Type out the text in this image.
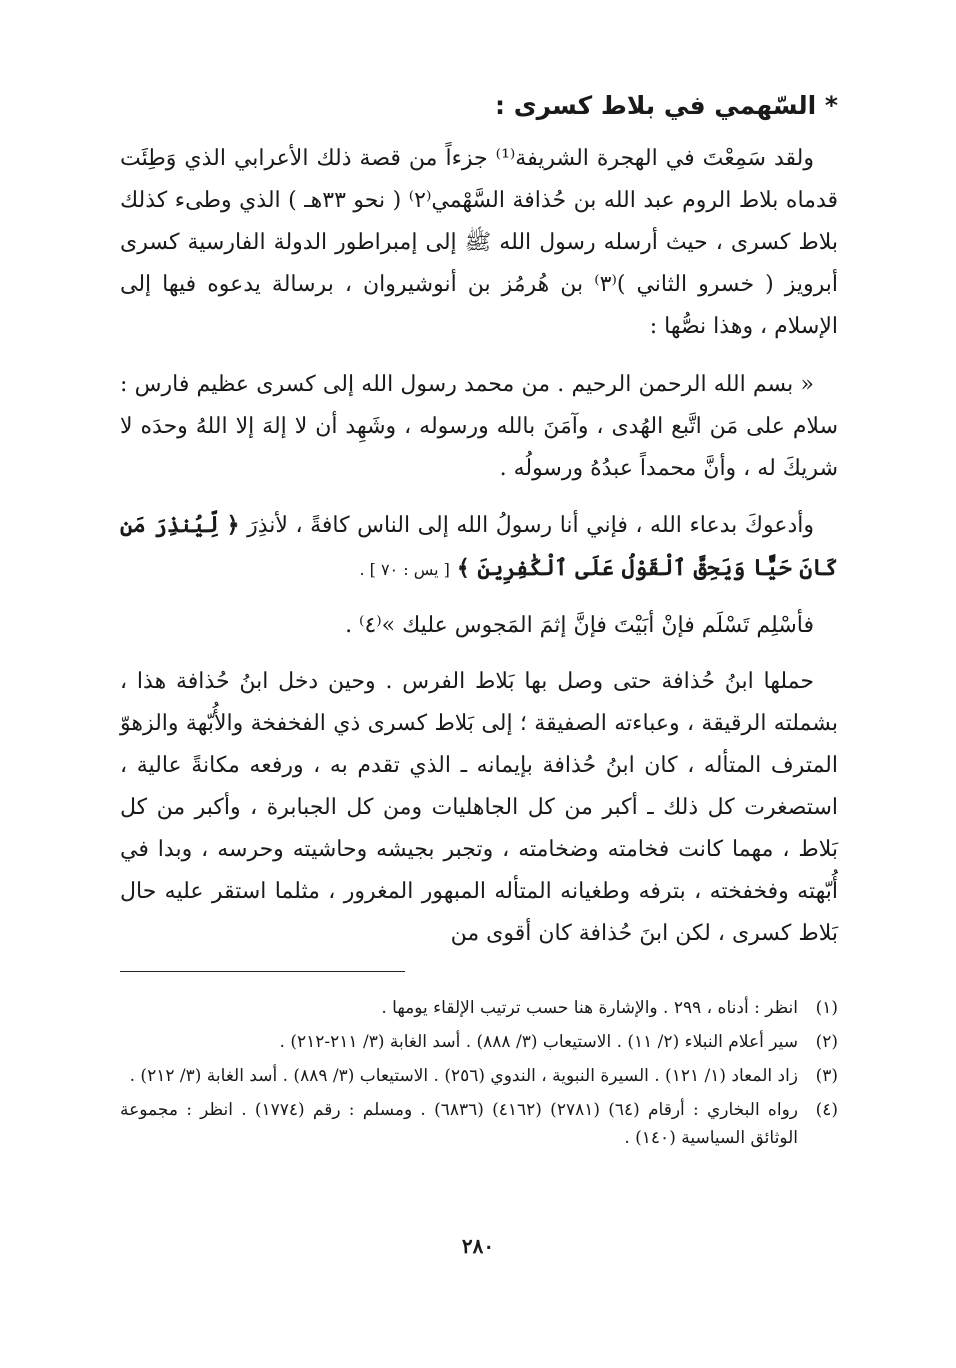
* السّهمي في بلاط كسرى :

ولقد سَمِعْتَ في الهجرة الشريفة⁽¹⁾ جزءاً من قصة ذلك الأعرابي الذي وَطِئَت قدماه بلاط الروم عبد الله بن حُذافة السَّهْمي⁽٢⁾ ( نحو ٣٣هـ ) الذي وطىء كذلك بلاط كسرى ، حيث أرسله رسول الله ﷺ إلى إمبراطور الدولة الفارسية كسرى أبرويز ( خسرو الثاني )⁽٣⁾ بن هُرمُز بن أنوشيروان ، برسالة يدعوه فيها إلى الإسلام ، وهذا نصُّها :

« بسم الله الرحمن الرحيم . من محمد رسول الله إلى كسرى عظيم فارس : سلام على مَن اتَّبع الهُدى ، وآمَنَ بالله ورسوله ، وشَهِد أن لا إلهَ إلا اللهُ وحدَه لا شريكَ له ، وأنَّ محمداً عبدُهُ ورسولُه .

وأدعوكَ بدعاء الله ، فإني أنا رسولُ الله إلى الناس كافةً ، لأنذِرَ ﴿ لِّيُنذِرَ مَن كَانَ حَيًّا وَيَحِقَّ ٱلْقَوْلُ عَلَى ٱلْكَٰفِرِينَ ﴾ [ يس : ٧٠ ] .

فأسْلِم تَسْلَم فإنْ أبَيْتَ فإنَّ إثمَ المَجوس عليك »⁽٤⁾ .

حملها ابنُ حُذافة حتى وصل بها بَلاط الفرس . وحين دخل ابنُ حُذافة هذا ، بشملته الرقيقة ، وعباءته الصفيقة ؛ إلى بَلاط كسرى ذي الفخفخة والأُبّهة والزهوّ المترف المتأله ، كان ابنُ حُذافة بإيمانه ـ الذي تقدم به ، ورفعه مكانةً عالية ، استصغرت كل ذلك ـ أكبر من كل الجاهليات ومن كل الجبابرة ، وأكبر من كل بَلاط ، مهما كانت فخامته وضخامته ، وتجبر بجيشه وحاشيته وحرسه ، وبدا في أُبّهته وفخفخته ، بترفه وطغيانه المتأله المبهور المغرور ، مثلما استقر عليه حال بَلاط كسرى ، لكن ابنَ حُذافة كان أقوى من

(١)
انظر : أدناه ، ٢٩٩ . والإشارة هنا حسب ترتيب الإلقاء يومها .
(٢)
سير أعلام النبلاء (٢/ ١١) . الاستيعاب (٣/ ٨٨٨) . أسد الغابة (٣/ ٢١١-٢١٢) .
(٣)
زاد المعاد (١/ ١٢١) . السيرة النبوية ، الندوي (٢٥٦) . الاستيعاب (٣/ ٨٨٩) . أسد الغابة (٣/ ٢١٢) .
(٤)
رواه البخاري : أرقام (٦٤) (٢٧٨١) (٤١٦٢) (٦٨٣٦) . ومسلم : رقم (١٧٧٤) . انظر : مجموعة الوثائق السياسية (١٤٠) .
٢٨٠
